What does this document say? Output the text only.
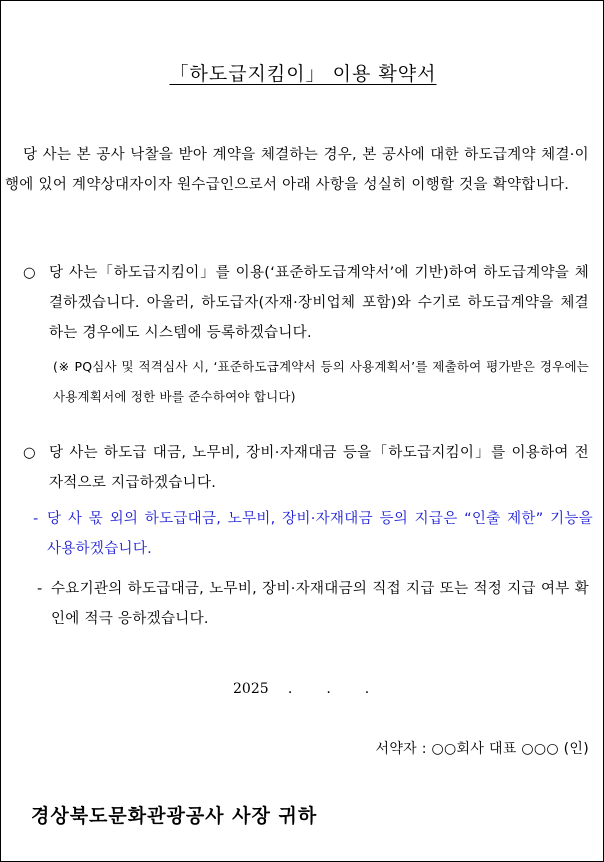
「하도급지킴이」 이용 확약서
당 사는 본 공사 낙찰을 받아 계약을 체결하는 경우, 본 공사에 대한 하도급계약 체결·이행에 있어 계약상대자이자 원수급인으로서 아래 사항을 성실히 이행할 것을 확약합니다.
○ 당 사는「하도급지킴이」를 이용(‘표준하도급계약서’에 기반)하여 하도급계약을 체결하겠습니다. 아울러, 하도급자(자재·장비업체 포함)와 수기로 하도급계약을 체결하는 경우에도 시스템에 등록하겠습니다.
(※ PQ심사 및 적격심사 시, ‘표준하도급계약서 등의 사용계획서’를 제출하여 평가받은 경우에는 사용계획서에 정한 바를 준수하여야 합니다)
○ 당 사는 하도급 대금, 노무비, 장비·자재대금 등을「하도급지킴이」를 이용하여 전자적으로 지급하겠습니다.
- 당 사 몫 외의 하도급대금, 노무비, 장비·자재대금 등의 지급은 “인출 제한” 기능을 사용하겠습니다.
- 수요기관의 하도급대금, 노무비, 장비·자재대금의 직접 지급 또는 적정 지급 여부 확인에 적극 응하겠습니다.
2025 . . .
서약자 : ○○회사 대표 ○○○ (인)
경상북도문화관광공사 사장 귀하
